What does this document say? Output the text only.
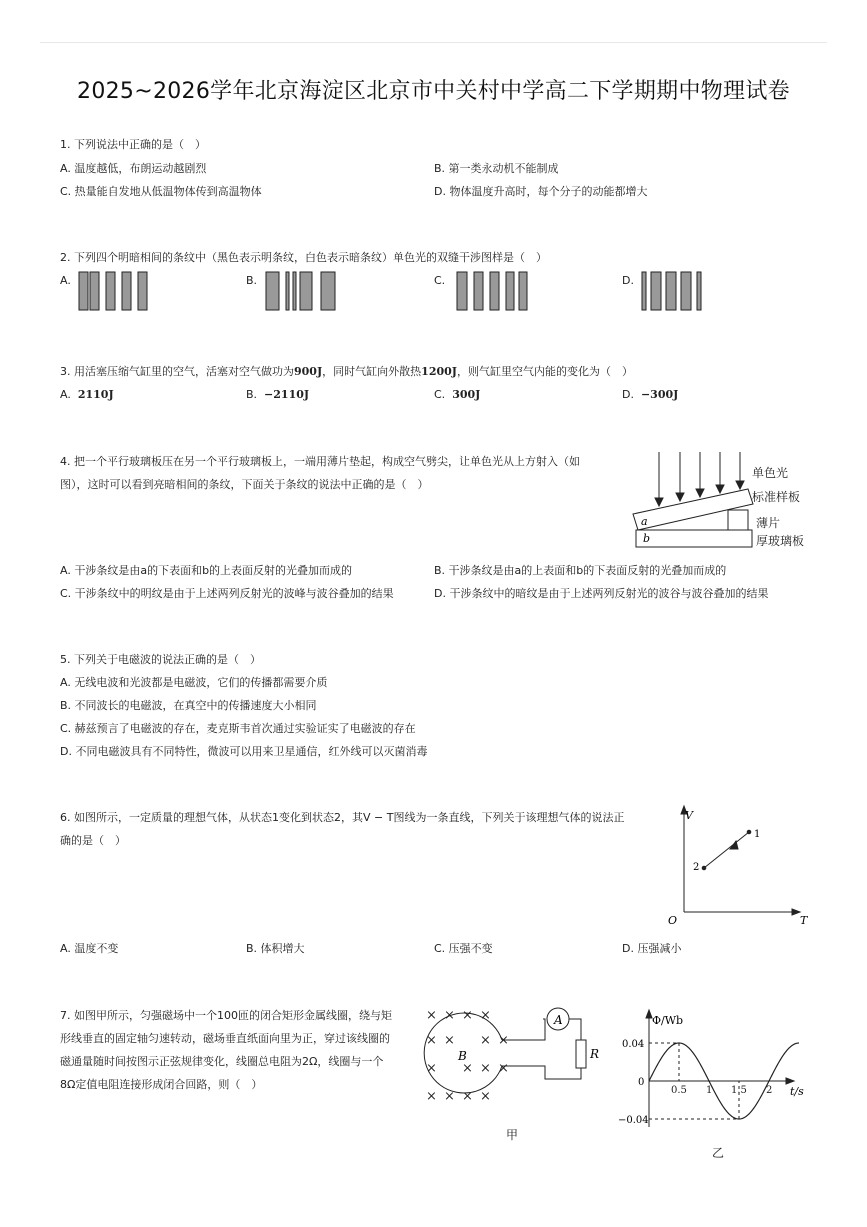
2025~2026学年北京海淀区北京市中关村中学高二下学期期中物理试卷
1. 下列说法中正确的是（　）
A. 温度越低，布朗运动越剧烈	B. 第一类永动机不能制成
C. 热量能自发地从低温物体传到高温物体	D. 物体温度升高时，每个分子的动能都增大
2. 下列四个明暗相间的条纹中（黑色表示明条纹，白色表示暗条纹）单色光的双缝干涉图样是（　）
A.	B.	C.	D.
3. 用活塞压缩气缸里的空气，活塞对空气做功为900J，同时气缸向外散热1200J，则气缸里空气内能的变化为（　）
A. 2110J	B. −2110J	C. 300J	D. −300J
4. 把一个平行玻璃板压在另一个平行玻璃板上，一端用薄片垫起，构成空气劈尖，让单色光从上方射入（如
图），这时可以看到亮暗相间的条纹，下面关于条纹的说法中正确的是（　）
a
b
单色光
标准样板
薄片
厚玻璃板
A. 干涉条纹是由a的下表面和b的上表面反射的光叠加而成的	B. 干涉条纹是由a的上表面和b的下表面反射的光叠加而成的
C. 干涉条纹中的明纹是由于上述两列反射光的波峰与波谷叠加的结果	D. 干涉条纹中的暗纹是由于上述两列反射光的波谷与波谷叠加的结果
5. 下列关于电磁波的说法正确的是（　）
A. 无线电波和光波都是电磁波，它们的传播都需要介质
B. 不同波长的电磁波，在真空中的传播速度大小相同
C. 赫兹预言了电磁波的存在，麦克斯韦首次通过实验证实了电磁波的存在
D. 不同电磁波具有不同特性，微波可以用来卫星通信，红外线可以灭菌消毒
6. 如图所示，一定质量的理想气体，从状态1变化到状态2，其V − T图线为一条直线，下列关于该理想气体的说法正
确的是（　）
V
T
O
1
2
A. 温度不变	B. 体积增大	C. 压强不变	D. 压强减小
7. 如图甲所示，匀强磁场中一个100匝的闭合矩形金属线圈，绕与矩
形线垂直的固定轴匀速转动，磁场垂直纸面向里为正，穿过该线圈的
磁通量随时间按图示正弦规律变化，线圈总电阻为2Ω，线圈与一个
8Ω定值电阻连接形成闭合回路，则（　）
× × × ×
× × × ×
× × × ×
× × × ×
A
B	R
甲
0.5 1 1.5 2
Φ/Wb
t/s
0.04
0
−0.04
乙
